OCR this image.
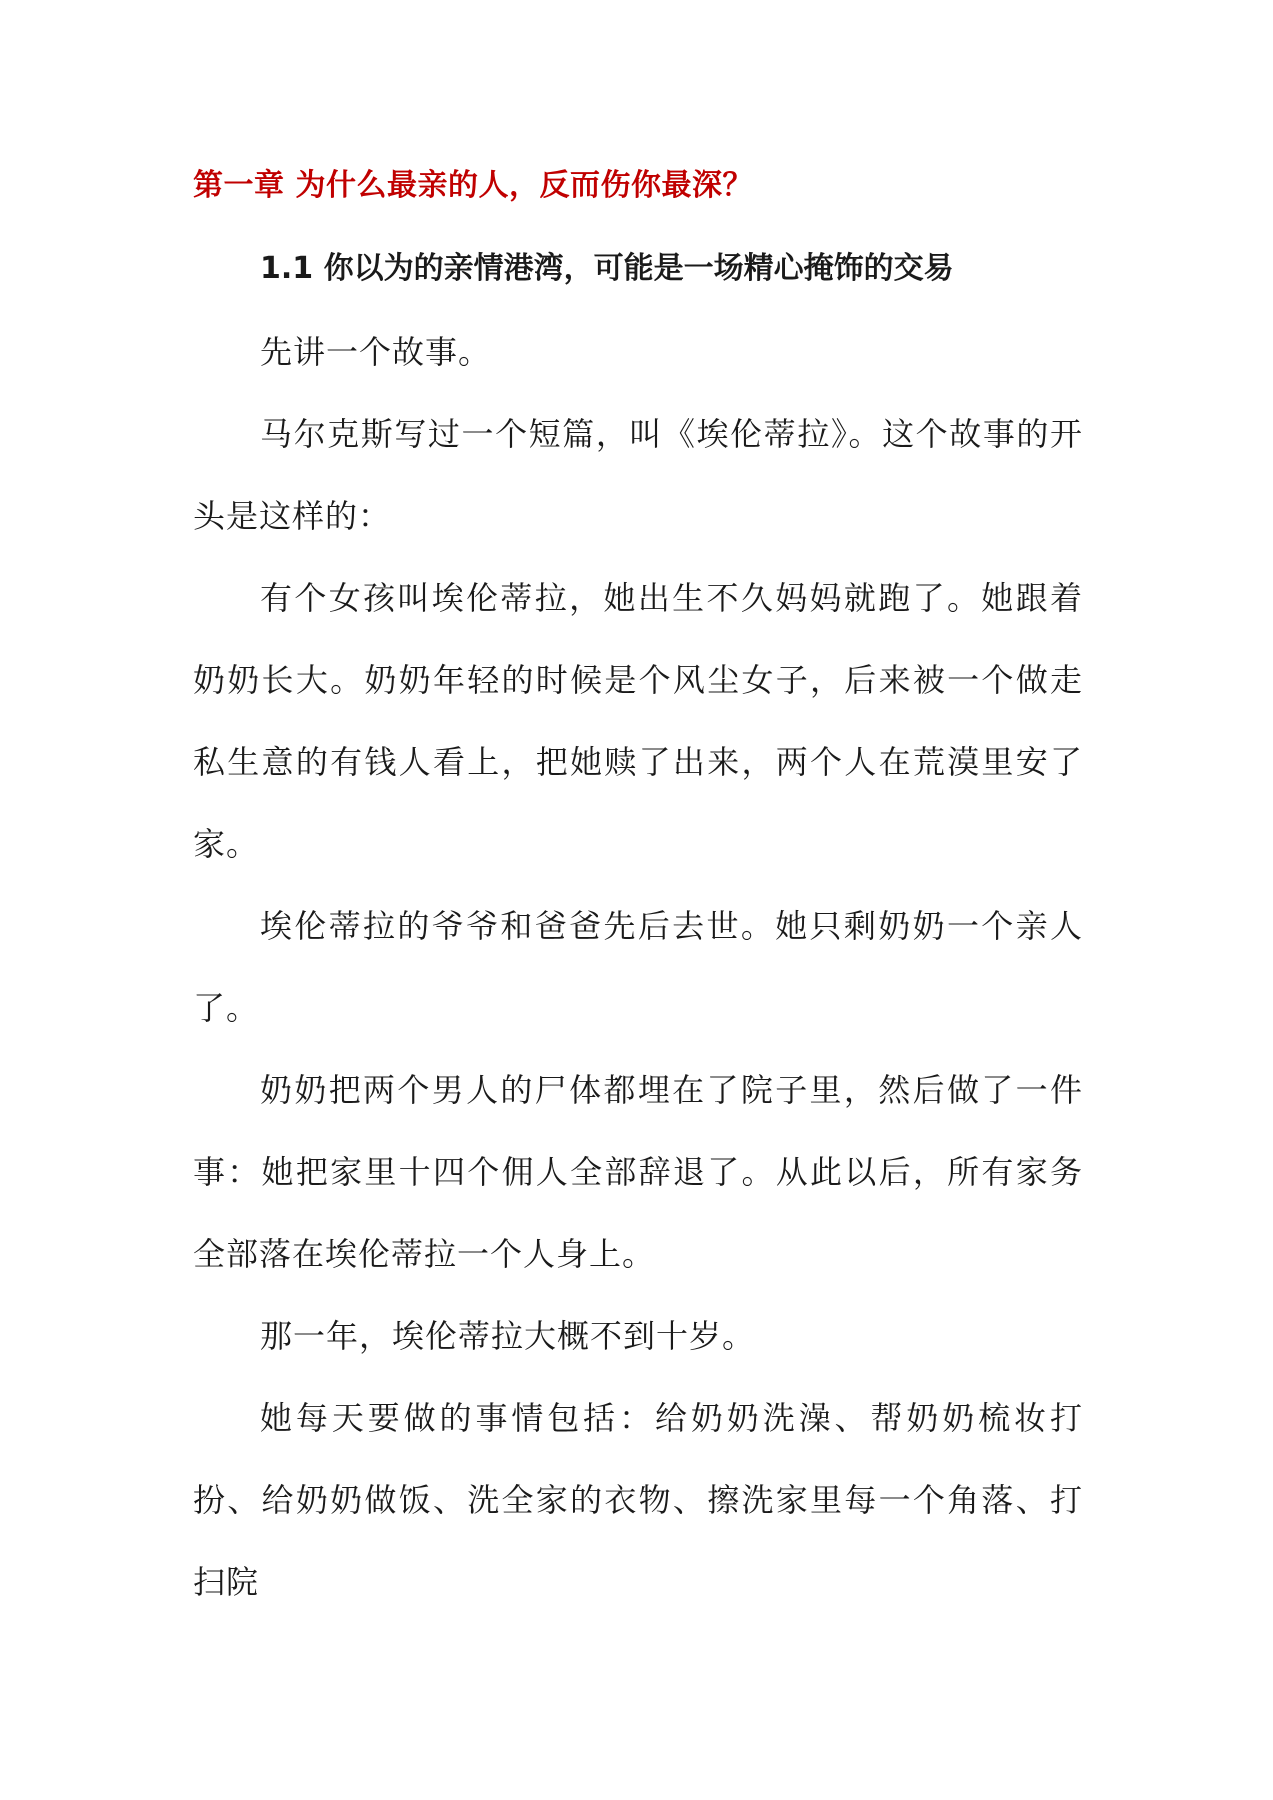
第一章 为什么最亲的人，反而伤你最深？
1.1 你以为的亲情港湾，可能是一场精心掩饰的交易

先讲一个故事。

马尔克斯写过一个短篇，叫《埃伦蒂拉》。这个故事的开头是这样的：

有个女孩叫埃伦蒂拉，她出生不久妈妈就跑了。她跟着奶奶长大。奶奶年轻的时候是个风尘女子，后来被一个做走私生意的有钱人看上，把她赎了出来，两个人在荒漠里安了家。

埃伦蒂拉的爷爷和爸爸先后去世。她只剩奶奶一个亲人了。

奶奶把两个男人的尸体都埋在了院子里，然后做了一件事：她把家里十四个佣人全部辞退了。从此以后，所有家务全部落在埃伦蒂拉一个人身上。

那一年，埃伦蒂拉大概不到十岁。

她每天要做的事情包括：给奶奶洗澡、帮奶奶梳妆打扮、给奶奶做饭、洗全家的衣物、擦洗家里每一个角落、打扫院
